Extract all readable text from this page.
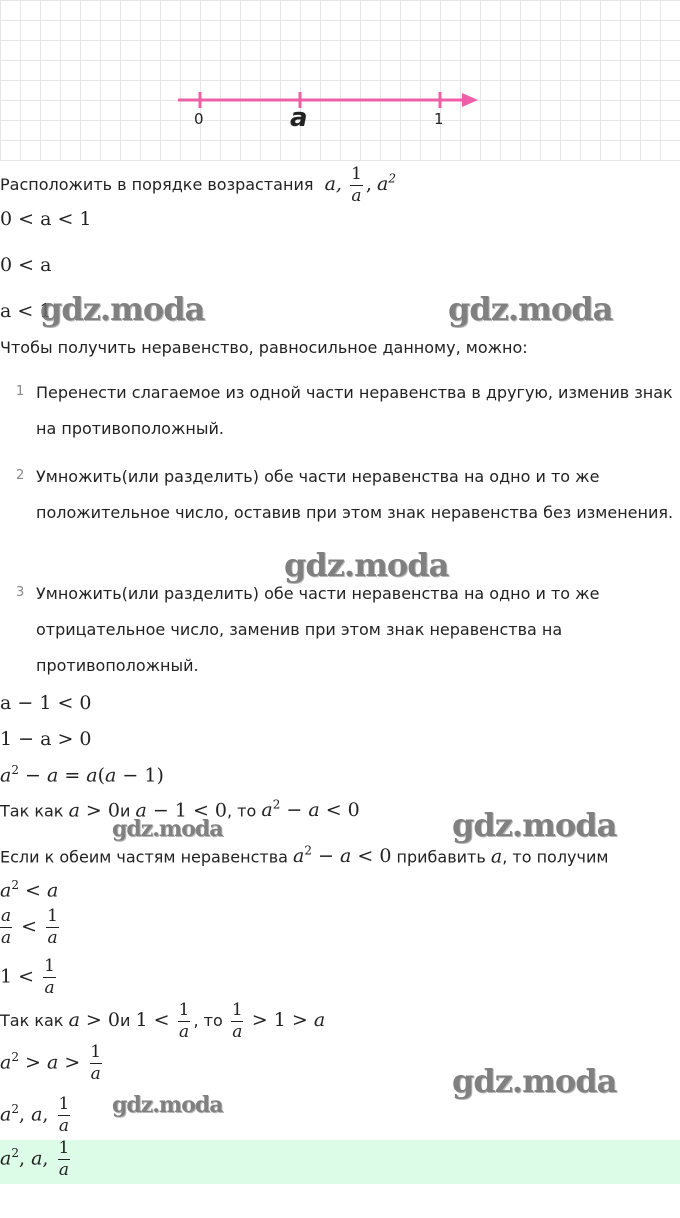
0	a	1
Расположить в порядке возрастания  a, $\frac{1}{a}$ , $a^2$
0 < a < 1
0 < a
a < 1
Чтобы получить неравенство, равносильное данному, можно:
1 Перенести слагаемое из одной части неравенства в другую, изменив знак на противоположный.
2 Умножить(или разделить) обе части неравенства на одно и то же положительное число, оставив при этом знак неравенства без изменения.
3 Умножить(или разделить) обе части неравенства на одно и то же отрицательное число, заменив при этом знак неравенства на противоположный.
a − 1 < 0
1 − a > 0
$a^2 - a = a(a - 1)$
Так как a > 0и a − 1 < 0, то $a^2 - a < 0$
Если к обеим частям неравенства $a^2 - a < 0$ прибавить a, то получим
$a^2 < a$
$\frac{a}{a} < \frac{1}{a}$
$1 < \frac{1}{a}$
Так как a > 0и $1 < \frac{1}{a}$ , то $\frac{1}{a} > 1 > a$
$a^2 > a > \frac{1}{a}$
$a^2$, a, $\frac{1}{a}$
$a^2$, a, $\frac{1}{a}$
gdz.moda	gdz.moda
gdz.moda
gdz.moda	gdz.moda
gdz.moda
gdz.moda
